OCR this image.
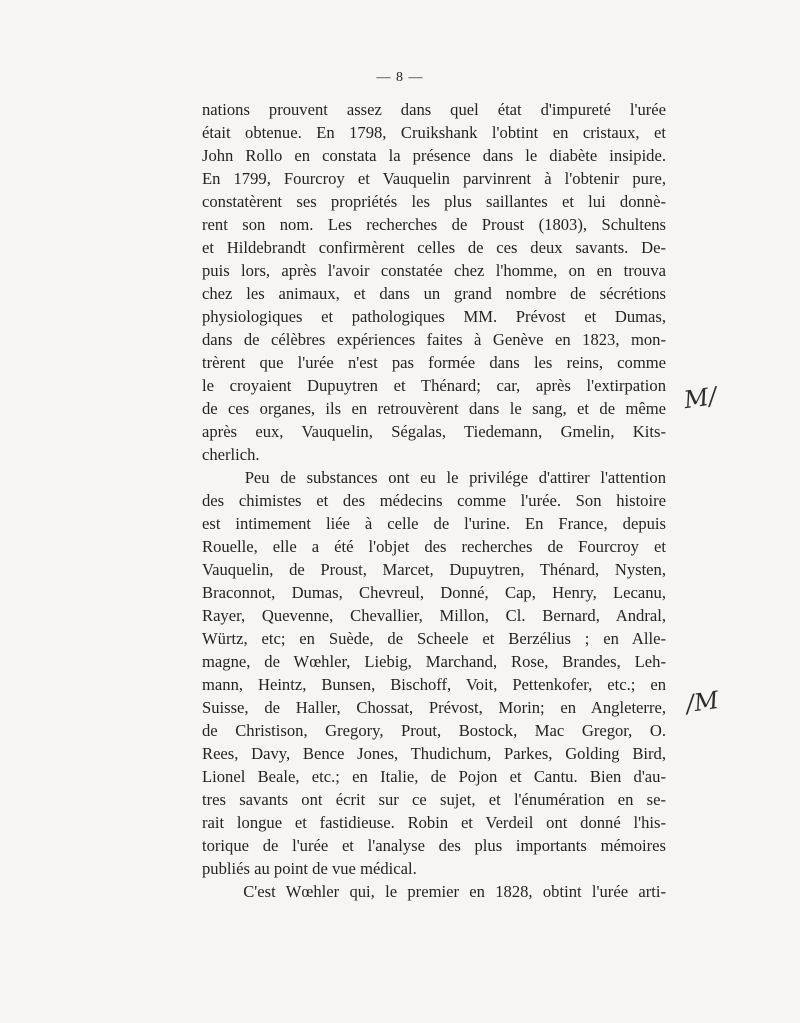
— 8 —
nations prouvent assez dans quel état d'impureté l'urée
était obtenue. En 1798, Cruikshank l'obtint en cristaux, et
John Rollo en constata la présence dans le diabète insipide.
En 1799, Fourcroy et Vauquelin parvinrent à l'obtenir pure,
constatèrent ses propriétés les plus saillantes et lui donnè-
rent son nom. Les recherches de Proust (1803), Schultens
et Hildebrandt confirmèrent celles de ces deux savants. De-
puis lors, après l'avoir constatée chez l'homme, on en trouva
chez les animaux, et dans un grand nombre de sécrétions
physiologiques et pathologiques MM. Prévost et Dumas,
dans de célèbres expériences faites à Genève en 1823, mon-
trèrent que l'urée n'est pas formée dans les reins, comme
le croyaient Dupuytren et Thénard; car, après l'extirpation
de ces organes, ils en retrouvèrent dans le sang, et de même
après eux, Vauquelin, Ségalas, Tiedemann, Gmelin, Kits-
cherlich.
Peu de substances ont eu le privilége d'attirer l'attention
des chimistes et des médecins comme l'urée. Son histoire
est intimement liée à celle de l'urine. En France, depuis
Rouelle, elle a été l'objet des recherches de Fourcroy et
Vauquelin, de Proust, Marcet, Dupuytren, Thénard, Nysten,
Braconnot, Dumas, Chevreul, Donné, Cap, Henry, Lecanu,
Rayer, Quevenne, Chevallier, Millon, Cl. Bernard, Andral,
Würtz, etc; en Suède, de Scheele et Berzélius ; en Alle-
magne, de Wœhler, Liebig, Marchand, Rose, Brandes, Leh-
mann, Heintz, Bunsen, Bischoff, Voit, Pettenkofer, etc.; en
Suisse, de Haller, Chossat, Prévost, Morin; en Angleterre,
de Christison, Gregory, Prout, Bostock, Mac Gregor, O.
Rees, Davy, Bence Jones, Thudichum, Parkes, Golding Bird,
Lionel Beale, etc.; en Italie, de Pojon et Cantu. Bien d'au-
tres savants ont écrit sur ce sujet, et l'énumération en se-
rait longue et fastidieuse. Robin et Verdeil ont donné l'his-
torique de l'urée et l'analyse des plus importants mémoires
publiés au point de vue médical.
C'est Wœhler qui, le premier en 1828, obtint l'urée arti-
M/
/M
